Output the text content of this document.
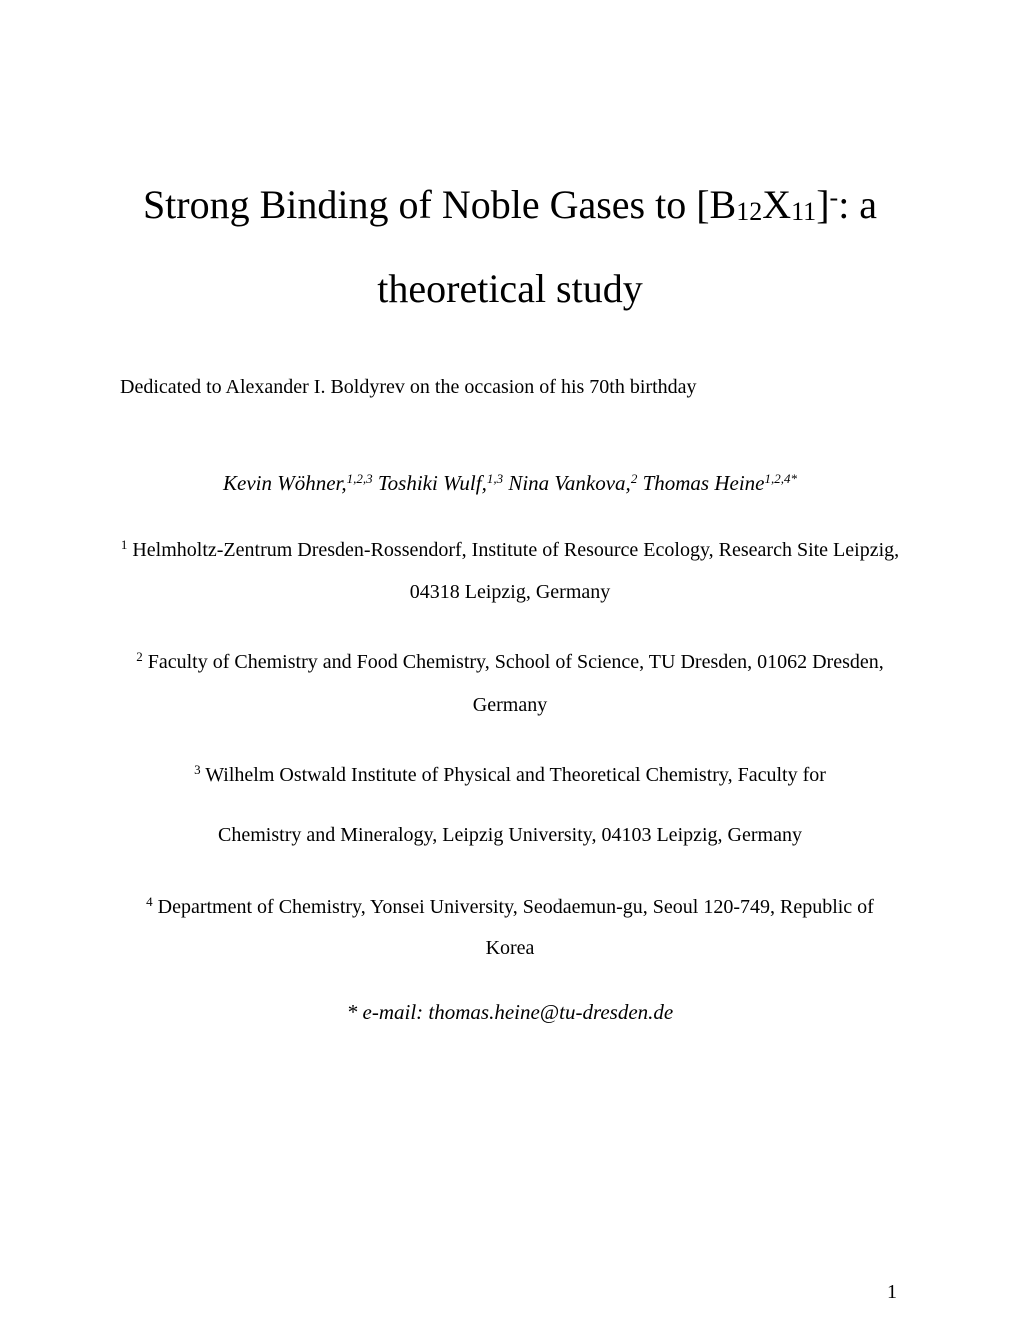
Strong Binding of Noble Gases to [B12X11]-: a
theoretical study
Dedicated to Alexander I. Boldyrev on the occasion of his 70th birthday
Kevin Wöhner,$^{1,2,3}$ Toshiki Wulf,$^{1,3}$ Nina Vankova,$^2$ Thomas Heine$^{1,2,4*}$
$^1$ Helmholtz-Zentrum Dresden-Rossendorf, Institute of Resource Ecology, Research Site Leipzig,
04318 Leipzig, Germany
$^2$ Faculty of Chemistry and Food Chemistry, School of Science, TU Dresden, 01062 Dresden,
Germany
$^3$ Wilhelm Ostwald Institute of Physical and Theoretical Chemistry, Faculty for
Chemistry and Mineralogy, Leipzig University, 04103 Leipzig, Germany
$^4$ Department of Chemistry, Yonsei University, Seodaemun-gu, Seoul 120-749, Republic of
Korea
* e-mail: thomas.heine@tu-dresden.de
1
